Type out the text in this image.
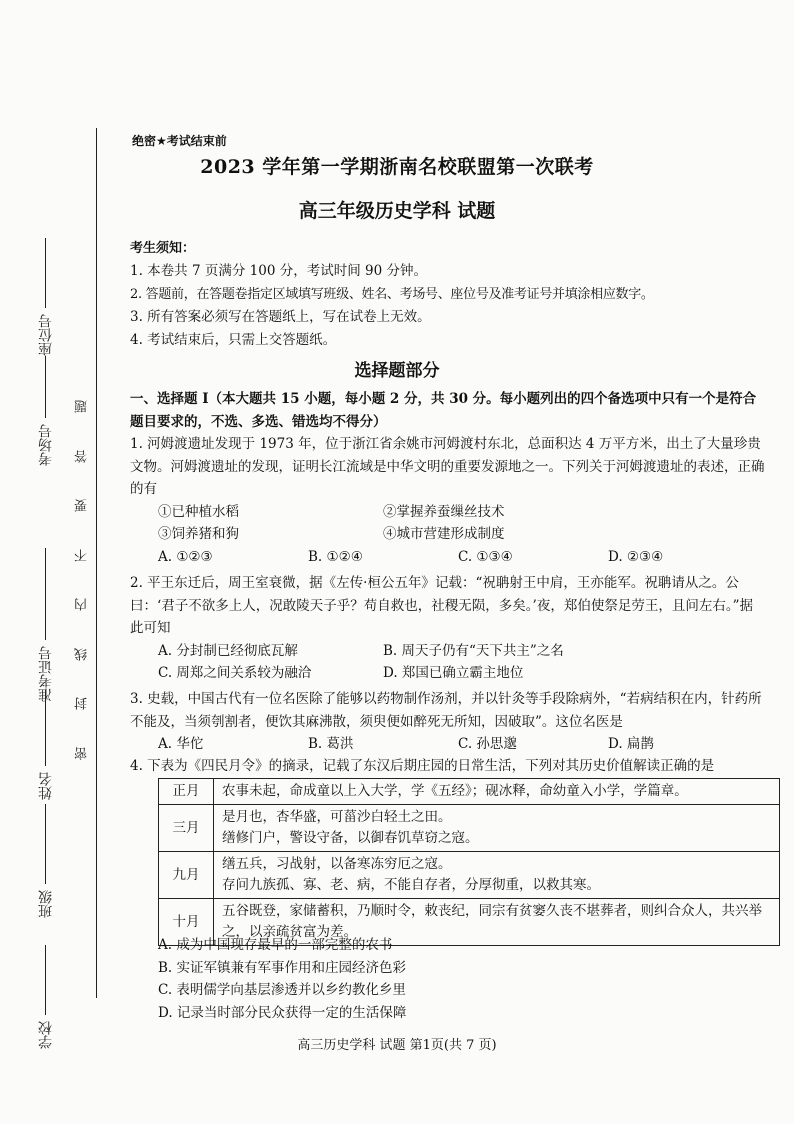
座位号
考场号
准考证号
姓名
班级
学校
题
答
要
不
内
线
封
密
绝密★考试结束前
2023 学年第一学期浙南名校联盟第一次联考
高三年级历史学科 试题
考生须知：
1. 本卷共 7 页满分 100 分，考试时间 90 分钟。
2. 答题前，在答题卷指定区域填写班级、姓名、考场号、座位号及准考证号并填涂相应数字。
3. 所有答案必须写在答题纸上，写在试卷上无效。
4. 考试结束后，只需上交答题纸。
选择题部分
一、选择题 I（本大题共 15 小题，每小题 2 分，共 30 分。每小题列出的四个备选项中只有一个是符合题目要求的，不选、多选、错选均不得分）
1. 河姆渡遗址发现于 1973 年，位于浙江省余姚市河姆渡村东北，总面积达 4 万平方米，出土了大量珍贵文物。河姆渡遗址的发现，证明长江流域是中华文明的重要发源地之一。下列关于河姆渡遗址的表述，正确的有
①已种植水稻	②掌握养蚕缫丝技术
③饲养猪和狗	④城市营建形成制度
A. ①②③	B. ①②④	C. ①③④	D. ②③④
2. 平王东迁后，周王室衰微，据《左传·桓公五年》记载：“祝聃射王中肩，王亦能军。祝聃请从之。公曰：‘君子不欲多上人，况敢陵天子乎？苟自救也，社稷无陨，多矣。’夜，郑伯使祭足劳王，且问左右。”据此可知
A. 分封制已经彻底瓦解	B. 周天子仍有“天下共主”之名
C. 周郑之间关系较为融洽	D. 郑国已确立霸主地位
3. 史载，中国古代有一位名医除了能够以药物制作汤剂，并以针灸等手段除病外，“若病结积在内，针药所不能及，当须刳割者，便饮其麻沸散，须臾便如醉死无所知，因破取”。这位名医是
A. 华佗	B. 葛洪	C. 孙思邈	D. 扁鹊
4. 下表为《四民月令》的摘录，记载了东汉后期庄园的日常生活，下列对其历史价值解读正确的是
正月	农事未起，命成童以上入大学，学《五经》；砚冰释，命幼童入小学，学篇章。

三月	是月也，杏华盛，可菑沙白轻土之田。
缮修门户，警设守备，以御春饥草窃之寇。

九月	缮五兵，习战射，以备寒冻穷厄之寇。
存问九族孤、寡、老、病，不能自存者，分厚彻重，以救其寒。

十月	五谷既登，家储蓄积，乃顺时令，敕丧纪，同宗有贫窭久丧不堪葬者，则纠合众人，共兴举之，以亲疏贫富为差。
A. 成为中国现存最早的一部完整的农书
B. 实证军镇兼有军事作用和庄园经济色彩
C. 表明儒学向基层渗透并以乡约教化乡里
D. 记录当时部分民众获得一定的生活保障
高三历史学科 试题 第1页(共 7 页)
